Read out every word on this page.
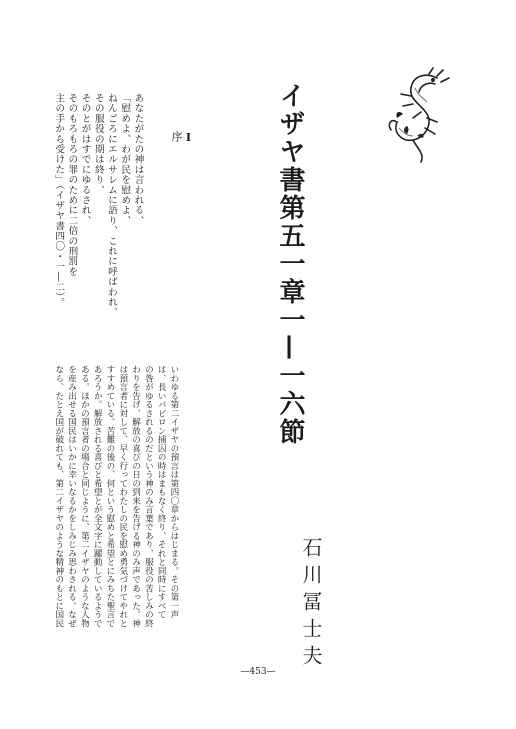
イザヤ書第五一章一—一六節

Ⅰ
序

あなたがたの神は言われる、
「慰めよ、わが民を慰めよ、
ねんごろにエルサレムに語り、これに呼ばわれ、
その服役の期は終り、
そのとがはすでにゆるされ、
そのもろもろの罪のために二倍の刑罰を
主の手から受けた」（イザヤ書四〇・一―二）。
いわゆる第二イザヤの預言は第四〇章からはじまる。その第一声
は、長いバビロン捕囚の時はまもなく終り、それと同時にすべて
の咎がゆるされるのだという神のみ言葉であり、服役の苦しみの終
わりを告げ、解放の喜びの日の到来を告げる神のみ声であった。神
は預言者に対して、早く行ってわたしの民を慰め勇気づけてやれと
すすめている。苦難の後の、何という慰めと希望とにみちた聖言で
あろうか。解放される喜びと希望とが全文字に躍動しているようで
ある。ほかの預言者の場合と同じように、第二イザヤのような人物
を産み出せる国民はいかに幸いなるかをしみじみ思わされる。なぜ
なら、たとえ国が破れても、第二イザヤのような精神のもとに国民	石川冨士夫
—453—
